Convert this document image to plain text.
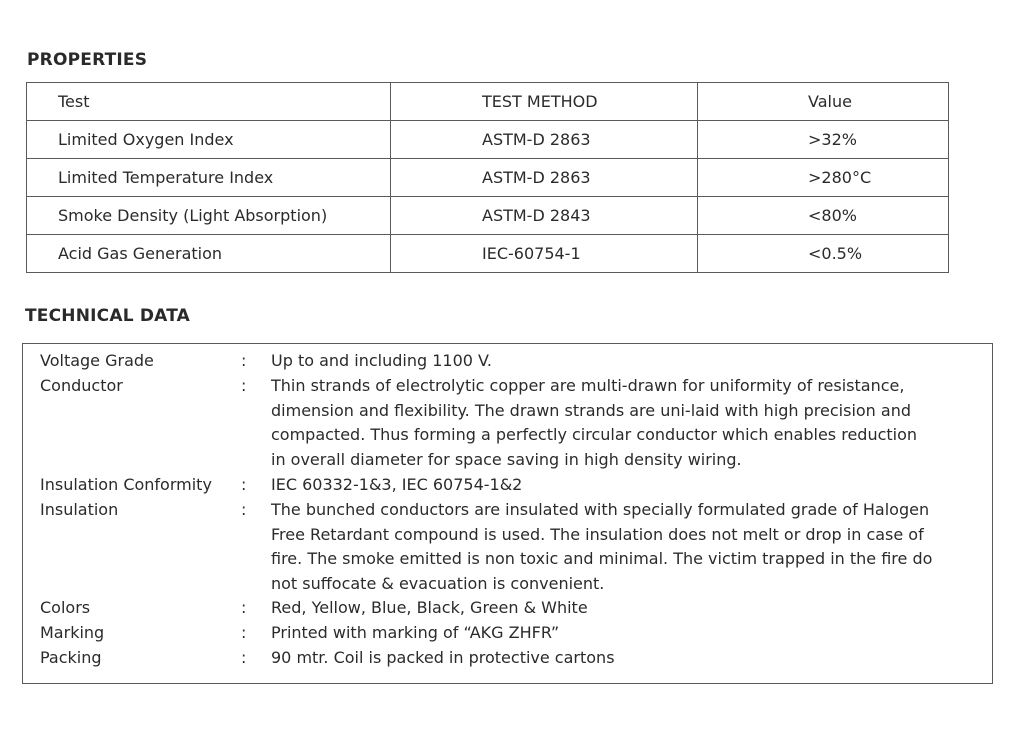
PROPERTIES
Test	TEST METHOD	Value
Limited Oxygen Index	ASTM-D 2863	>32%
Limited Temperature Index	ASTM-D 2863	>280°C
Smoke Density (Light Absorption)	ASTM-D 2843	<80%
Acid Gas Generation	IEC-60754-1	<0.5%
TECHNICAL DATA
Voltage Grade	: Up to and including 1100 V.
Conductor	: Thin strands of electrolytic copper are multi-drawn for uniformity of resistance,
dimension and flexibility. The drawn strands are uni-laid with high precision and
compacted. Thus forming a perfectly circular conductor which enables reduction
in overall diameter for space saving in high density wiring.
Insulation Conformity : IEC 60332-1&3, IEC 60754-1&2
Insulation	: The bunched conductors are insulated with specially formulated grade of Halogen
Free Retardant compound is used. The insulation does not melt or drop in case of
fire. The smoke emitted is non toxic and minimal. The victim trapped in the fire do
not suffocate & evacuation is convenient.
Colors	: Red, Yellow, Blue, Black, Green & White
Marking	: Printed with marking of “AKG ZHFR”
Packing	: 90 mtr. Coil is packed in protective cartons
